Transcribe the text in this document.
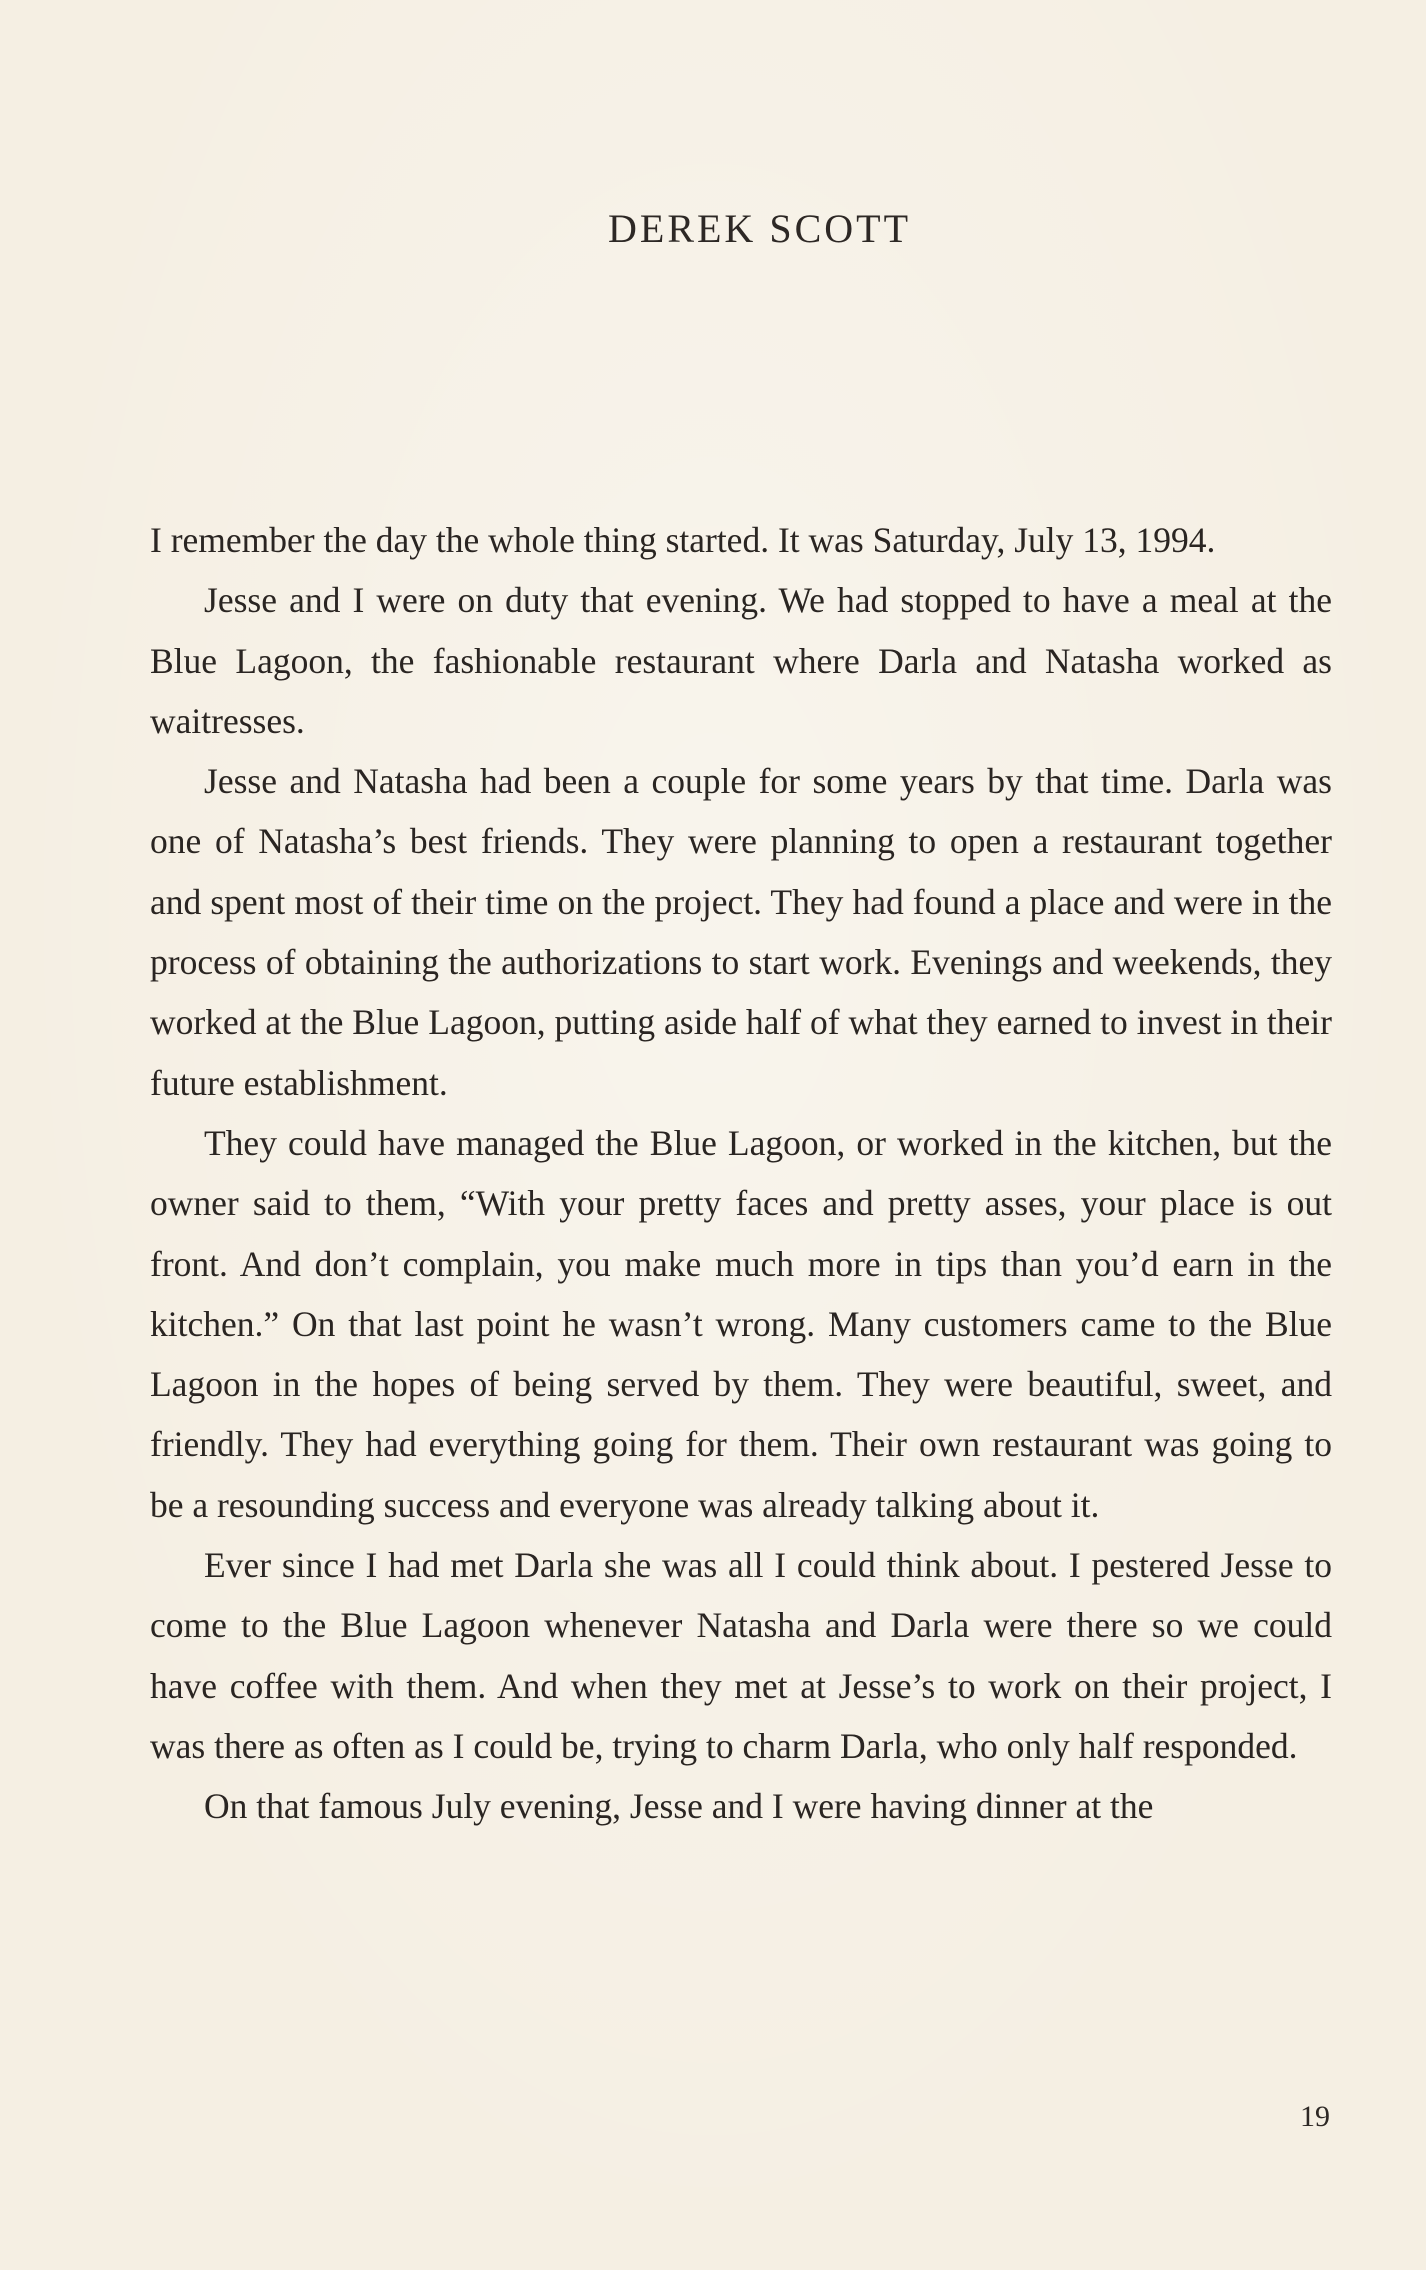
DEREK SCOTT

I remember the day the whole thing started. It was Saturday, July 13, 1994.

Jesse and I were on duty that evening. We had stopped to have a meal at the Blue Lagoon, the fashionable restaurant where Darla and Natasha worked as waitresses.

Jesse and Natasha had been a couple for some years by that time. Darla was one of Natasha’s best friends. They were planning to open a restaurant together and spent most of their time on the project. They had found a place and were in the process of obtaining the authorizations to start work. Evenings and weekends, they worked at the Blue Lagoon, putting aside half of what they earned to invest in their future establishment.

They could have managed the Blue Lagoon, or worked in the kitchen, but the owner said to them, “With your pretty faces and pretty asses, your place is out front. And don’t complain, you make much more in tips than you’d earn in the kitchen.” On that last point he wasn’t wrong. Many customers came to the Blue Lagoon in the hopes of being served by them. They were beautiful, sweet, and friendly. They had everything going for them. Their own restaurant was going to be a resounding success and everyone was already talking about it.

Ever since I had met Darla she was all I could think about. I pestered Jesse to come to the Blue Lagoon whenever Natasha and Darla were there so we could have coffee with them. And when they met at Jesse’s to work on their project, I was there as often as I could be, trying to charm Darla, who only half responded.

On that famous July evening, Jesse and I were having dinner at the

19
